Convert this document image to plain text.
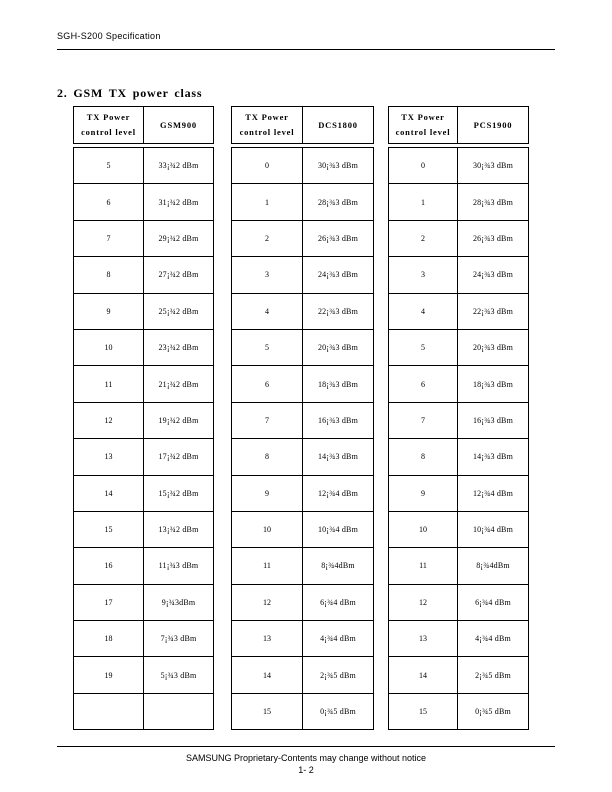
SGH-S200 Specification
2. GSM TX power class
TX Power
control level	GSM900

5	33¡¾2 dBm
6	31¡¾2 dBm
7	29¡¾2 dBm
8	27¡¾2 dBm
9	25¡¾2 dBm
10	23¡¾2 dBm
11	21¡¾2 dBm
12	19¡¾2 dBm
13	17¡¾2 dBm
14	15¡¾2 dBm
15	13¡¾2 dBm
16	11¡¾3 dBm
17	9¡¾3dBm
18	7¡¾3 dBm
19	5¡¾3 dBm

TX Power
control level	DCS1800

0	30¡¾3 dBm
1	28¡¾3 dBm
2	26¡¾3 dBm
3	24¡¾3 dBm
4	22¡¾3 dBm
5	20¡¾3 dBm
6	18¡¾3 dBm
7	16¡¾3 dBm
8	14¡¾3 dBm
9	12¡¾4 dBm
10	10¡¾4 dBm
11	8¡¾4dBm
12	6¡¾4 dBm
13	4¡¾4 dBm
14	2¡¾5 dBm
15	0¡¾5 dBm
TX Power
control level	PCS1900

0	30¡¾3 dBm
1	28¡¾3 dBm
2	26¡¾3 dBm
3	24¡¾3 dBm
4	22¡¾3 dBm
5	20¡¾3 dBm
6	18¡¾3 dBm
7	16¡¾3 dBm
8	14¡¾3 dBm
9	12¡¾4 dBm
10	10¡¾4 dBm
11	8¡¾4dBm
12	6¡¾4 dBm
13	4¡¾4 dBm
14	2¡¾5 dBm
15	0¡¾5 dBm
SAMSUNG Proprietary-Contents may change without notice
1- 2
